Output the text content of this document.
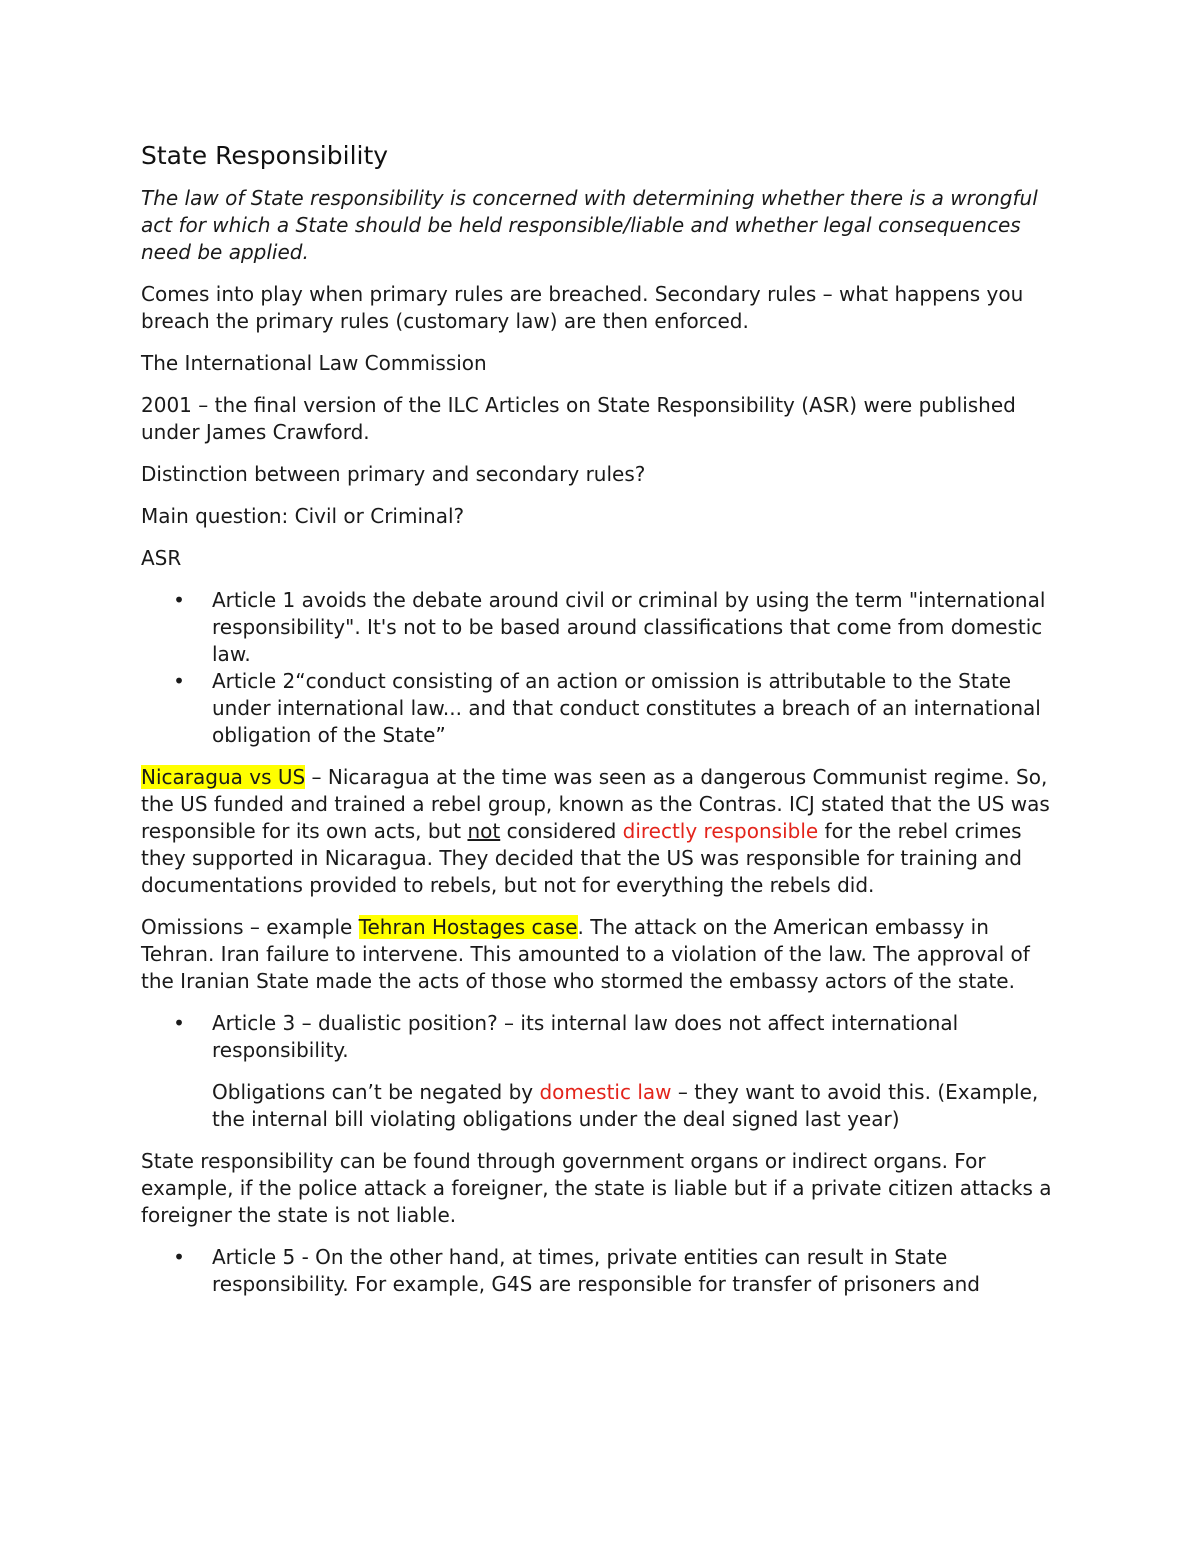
State Responsibility

The law of State responsibility is concerned with determining whether there is a wrongful act for which a State should be held responsible/liable and whether legal consequences need be applied.

Comes into play when primary rules are breached. Secondary rules – what happens you breach the primary rules (customary law) are then enforced.

The International Law Commission

2001 – the final version of the ILC Articles on State Responsibility (ASR) were published under James Crawford.

Distinction between primary and secondary rules?

Main question: Civil or Criminal?

ASR

• Article 1 avoids the debate around civil or criminal by using the term "international responsibility". It's not to be based around classifications that come from domestic law.
• Article 2“conduct consisting of an action or omission is attributable to the State under international law... and that conduct constitutes a breach of an international obligation of the State”

Nicaragua vs US – Nicaragua at the time was seen as a dangerous Communist regime. So, the US funded and trained a rebel group, known as the Contras. ICJ stated that the US was responsible for its own acts, but not considered directly responsible for the rebel crimes they supported in Nicaragua. They decided that the US was responsible for training and documentations provided to rebels, but not for everything the rebels did.

Omissions – example Tehran Hostages case. The attack on the American embassy in Tehran. Iran failure to intervene. This amounted to a violation of the law. The approval of the Iranian State made the acts of those who stormed the embassy actors of the state.

• Article 3 – dualistic position? – its internal law does not affect international responsibility.

Obligations can’t be negated by domestic law – they want to avoid this. (Example, the internal bill violating obligations under the deal signed last year)

State responsibility can be found through government organs or indirect organs. For example, if the police attack a foreigner, the state is liable but if a private citizen attacks a foreigner the state is not liable.

• Article 5 - On the other hand, at times, private entities can result in State responsibility. For example, G4S are responsible for transfer of prisoners and
